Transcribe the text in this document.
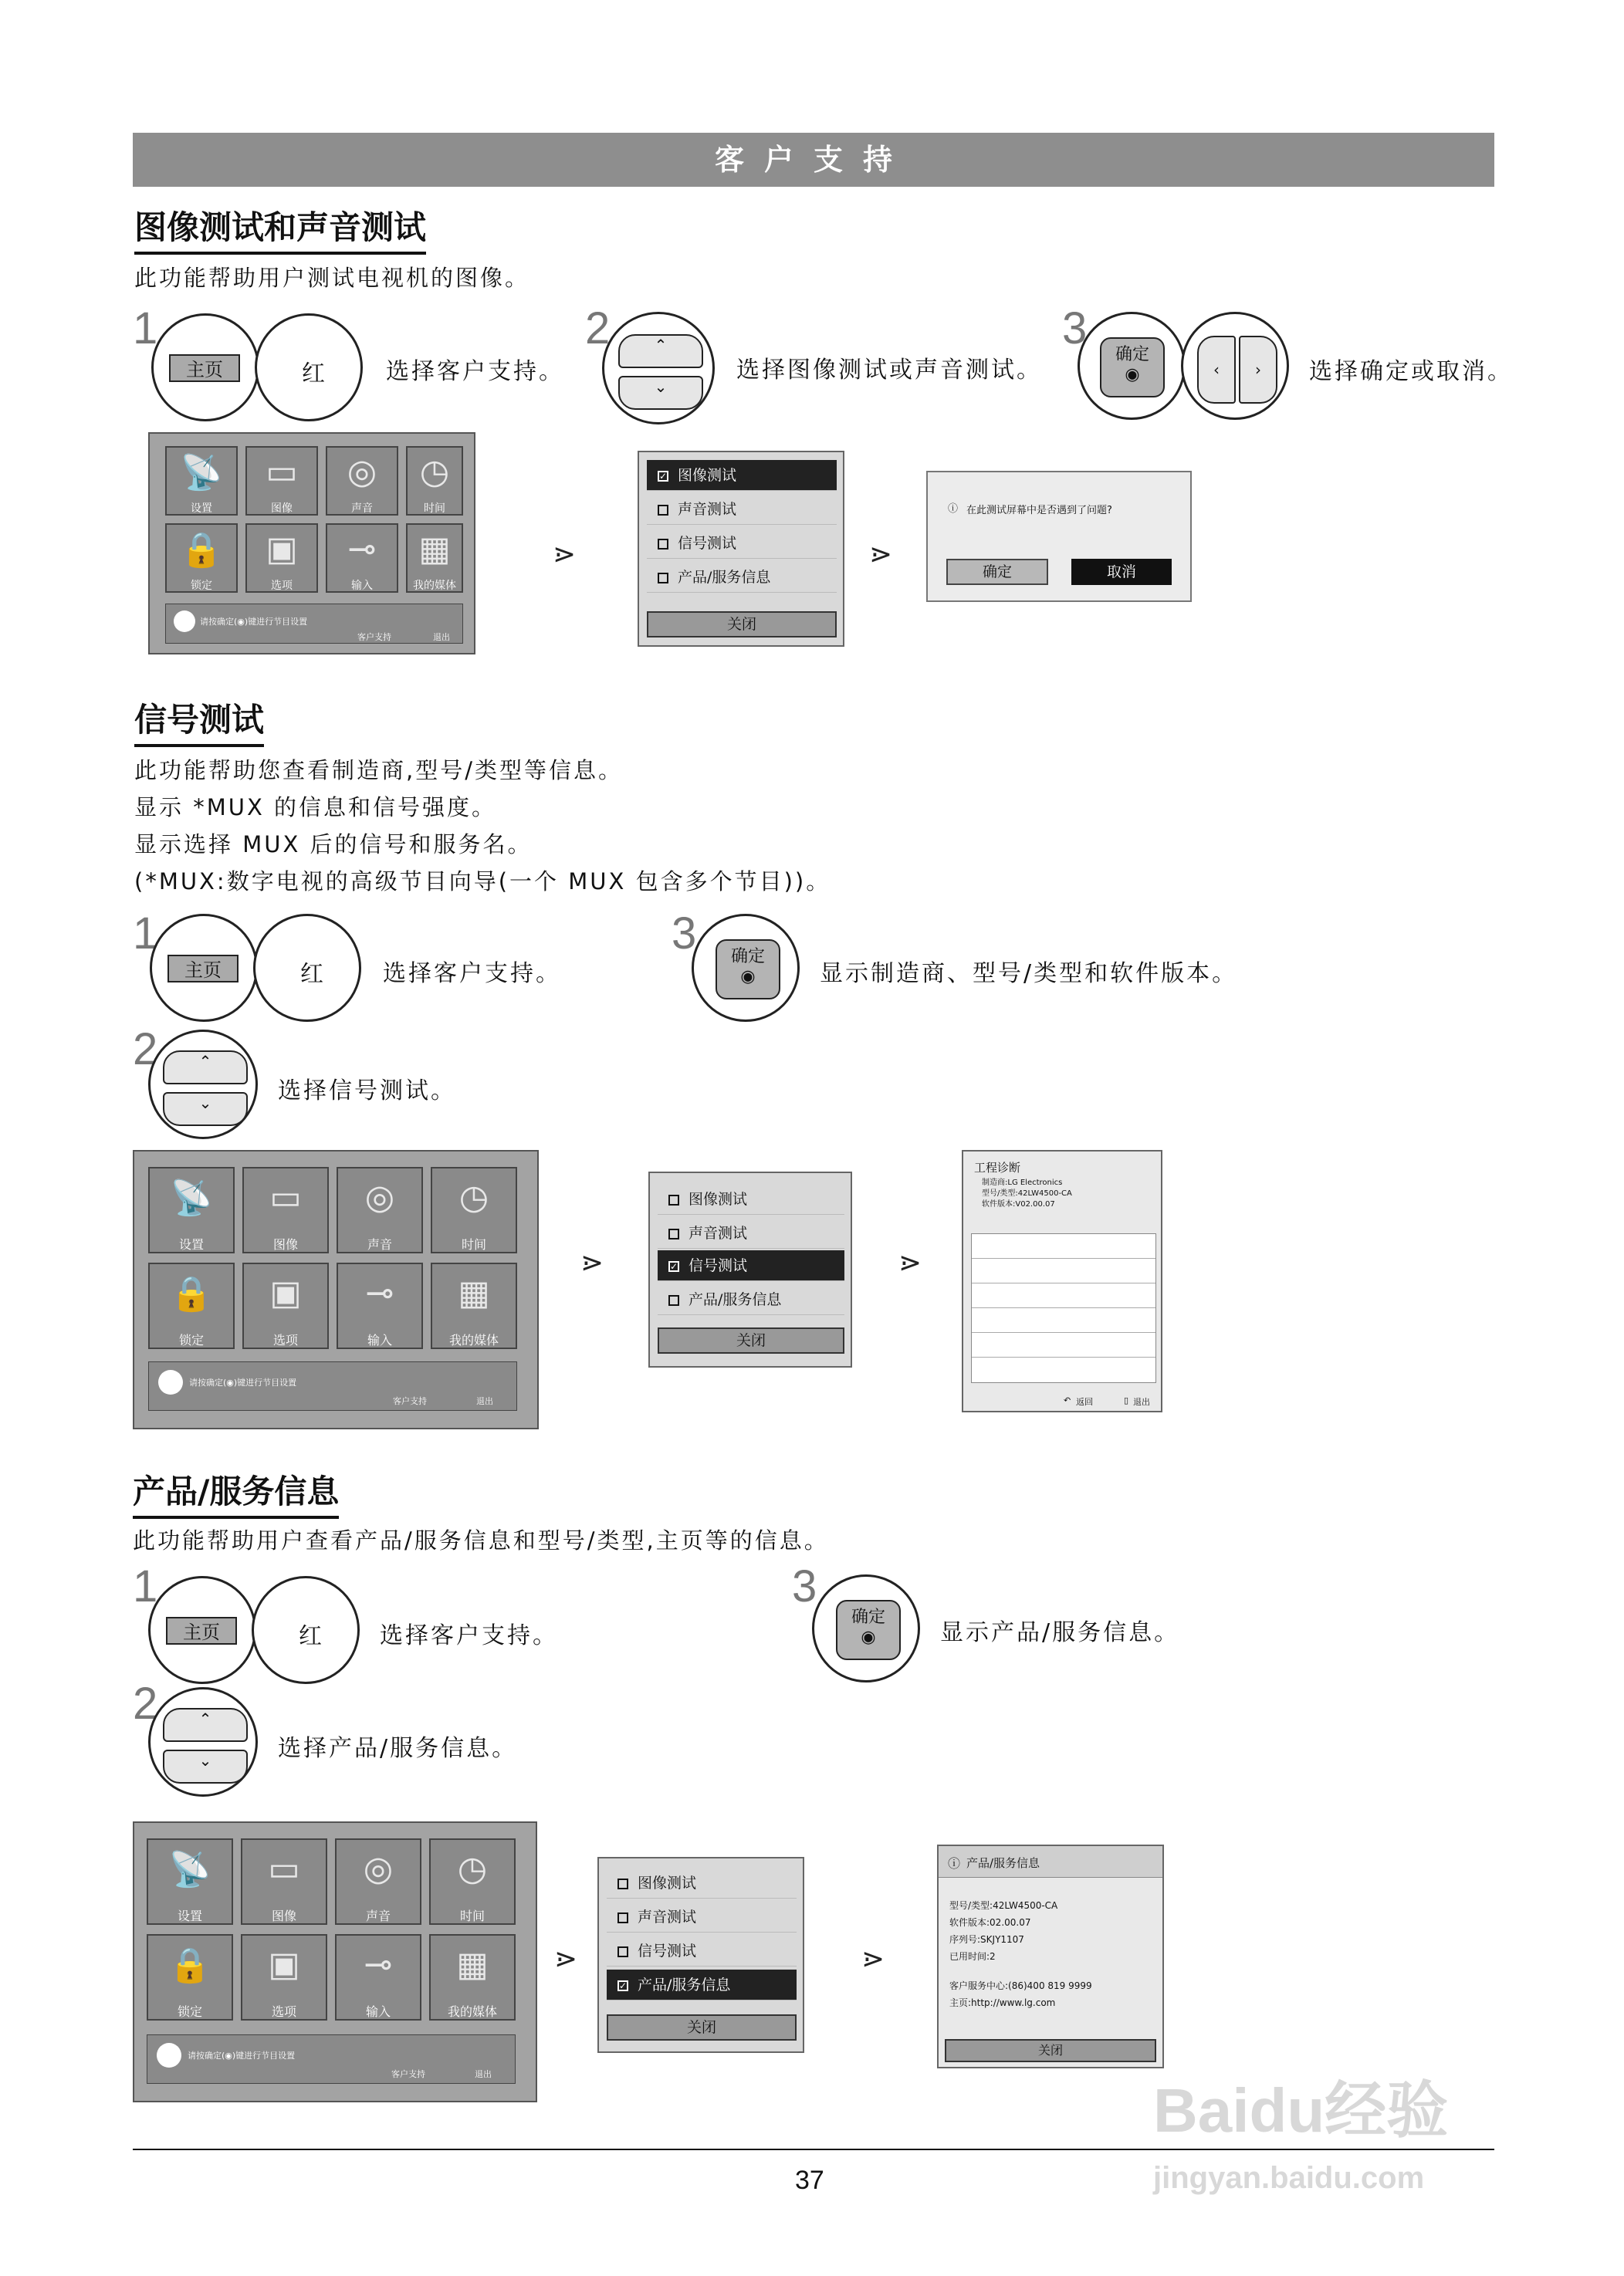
客户支持
图像测试和声音测试
此功能帮助用户测试电视机的图像。
1
主页	红	选择客户支持。
2	⌃
⌄
选择图像测试或声音测试。
3
确定
◉	‹	›	选择确定或取消。
📡
设置
▭
图像
◎
声音
◷
时间
🔒
锁定
▣
选项
⊸
输入
▦
我的媒体
请按确定(◉)键进行节目设置
客户支持	退出
⋗
✓ 图像测试
声音测试
信号测试
产品/服务信息
关闭
⋗
ⓘ 在此测试屏幕中是否遇到了问题?
确定	取消
信号测试
此功能帮助您查看制造商,型号/类型等信息。
显示 *MUX 的信息和信号强度。
显示选择 MUX 后的信号和服务名。
(*MUX:数字电视的高级节目向导(一个 MUX 包含多个节目))。
1
主页	红	选择客户支持。
3	确定
◉	显示制造商、型号/类型和软件版本。
2	⌃
⌄	选择信号测试。
📡
设置
▭
图像
◎
声音
◷
时间
🔒
锁定
▣
选项
⊸
输入
▦
我的媒体
请按确定(◉)键进行节目设置
客户支持	退出
⋗
图像测试
声音测试
✓ 信号测试
产品/服务信息
关闭
⋗
工程诊断
制造商:LG Electronics
型号/类型:42LW4500-CA
软件版本:V02.00.07
↶ 返回	▯ 退出
产品/服务信息
此功能帮助用户查看产品/服务信息和型号/类型,主页等的信息。
1
主页	红	选择客户支持。
3
确定
◉	显示产品/服务信息。
2	⌃
⌄	选择产品/服务信息。
📡
设置
▭
图像
◎
声音
◷
时间
🔒
锁定
▣
选项
⊸
输入
▦
我的媒体
请按确定(◉)键进行节目设置
客户支持	退出
⋗
图像测试
声音测试
信号测试
✓ 产品/服务信息
关闭
⋗
ⓘ 产品/服务信息
型号/类型:42LW4500-CA
软件版本:02.00.07
序列号:SKJY1107
已用时间:2
客户服务中心:(86)400 819 9999
主页:http://www.lg.com
关闭
37
Baidu经验
jingyan.baidu.com
